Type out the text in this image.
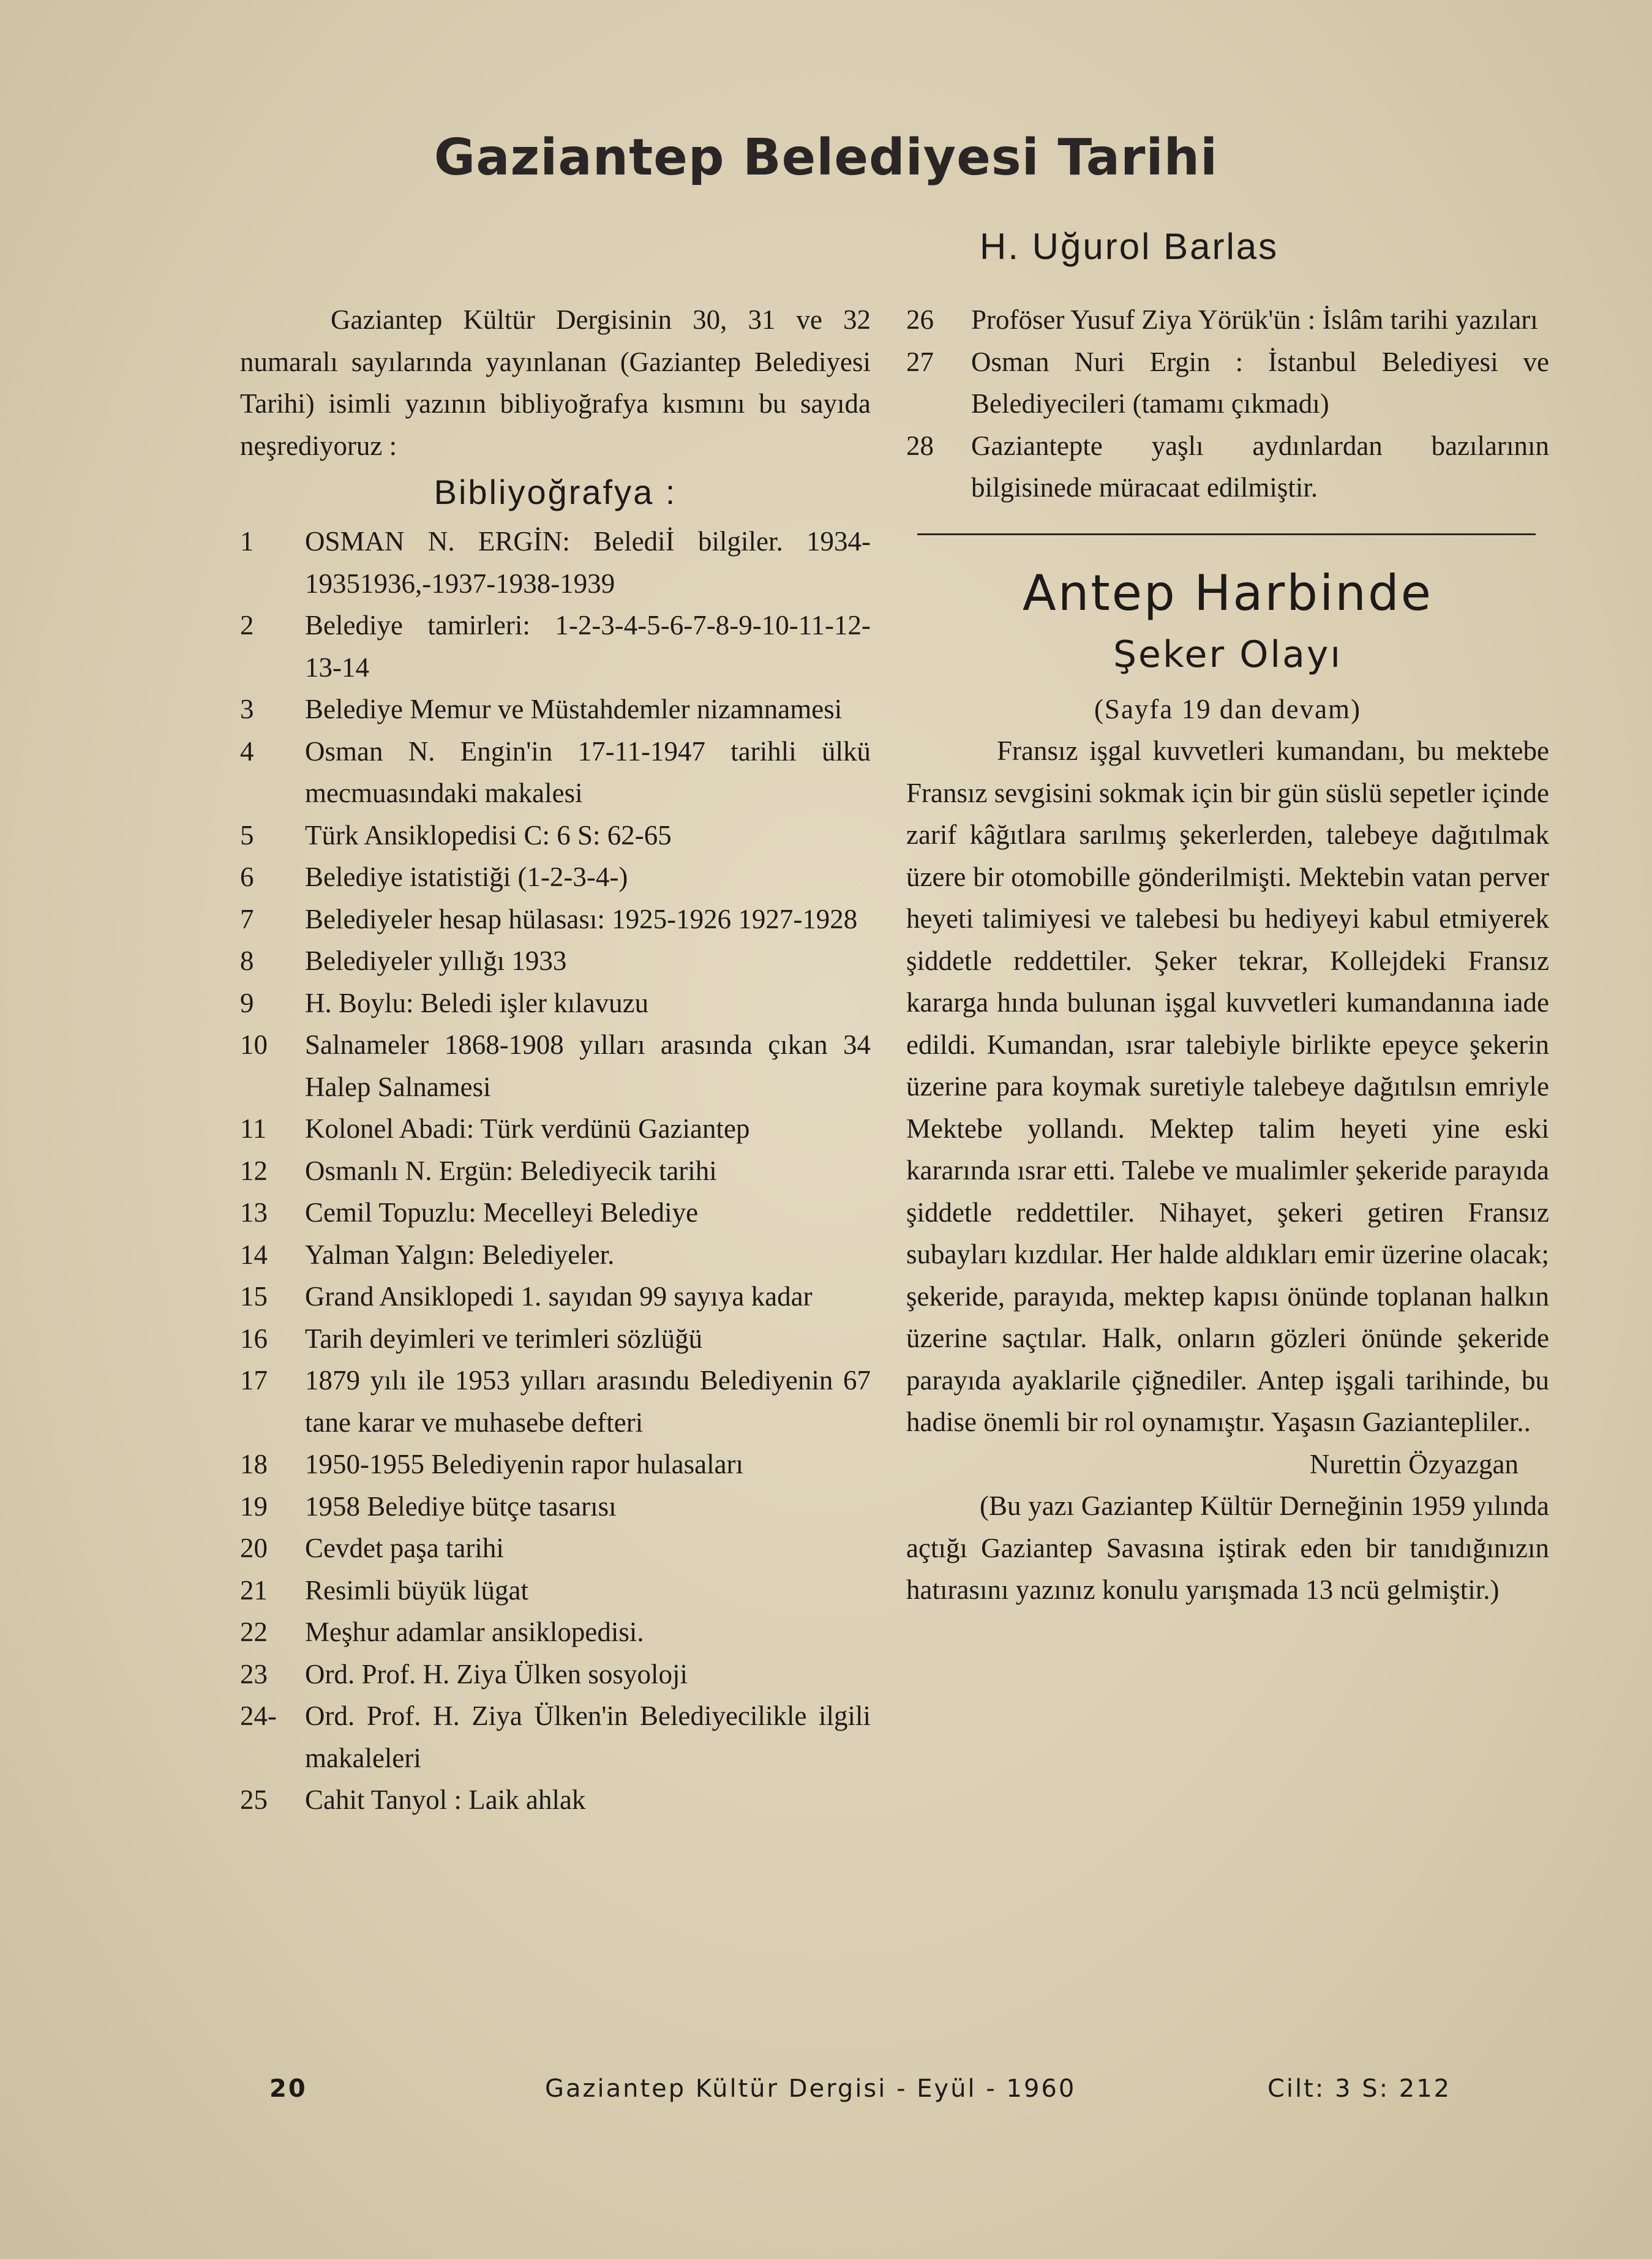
Gaziantep Belediyesi Tarihi
H. Uğurol Barlas

Gaziantep Kültür Dergisinin 30, 31 ve 32 numaralı sayılarında yayınlanan (Gaziantep Belediyesi Tarihi) isimli yazının bibliyoğrafya kısmını bu sayıda neşrediyoruz :

Bibliyoğrafya :
1	OSMAN N. ERGİN: Belediİ bilgiler. 1934-19351936,-1937-1938-1939
2	Belediye tamirleri: 1-2-3-4-5-6-7-8-9-10-11-12-13-14
3	Belediye Memur ve Müstahdemler nizamnamesi
4	Osman N. Engin'in 17-11-1947 tarihli ülkü mecmuasındaki makalesi
5	Türk Ansiklopedisi C: 6 S: 62-65
6	Belediye istatistiği (1-2-3-4-)
7	Belediyeler hesap hülasası: 1925-1926 1927-1928
8	Belediyeler yıllığı 1933
9	H. Boylu: Beledi işler kılavuzu
10	Salnameler 1868-1908 yılları arasında çıkan 34 Halep Salnamesi
11	Kolonel Abadi: Türk verdünü Gaziantep
12	Osmanlı N. Ergün: Belediyecik tarihi
13	Cemil Topuzlu: Mecelleyi Belediye
14	Yalman Yalgın: Belediyeler.
15	Grand Ansiklopedi 1. sayıdan 99 sayıya kadar
16	Tarih deyimleri ve terimleri sözlüğü
17	1879 yılı ile 1953 yılları arasındu Belediyenin 67 tane karar ve muhasebe defteri
18	1950-1955 Belediyenin rapor hulasaları
19	1958 Belediye bütçe tasarısı
20	Cevdet paşa tarihi
21	Resimli büyük lügat
22	Meşhur adamlar ansiklopedisi.
23	Ord. Prof. H. Ziya Ülken sosyoloji
24-	Ord. Prof. H. Ziya Ülken'in Belediyecilikle ilgili makaleleri
25	Cahit Tanyol : Laik ahlak
26	Proföser Yusuf Ziya Yörük'ün : İslâm tarihi yazıları
27	Osman Nuri Ergin : İstanbul Belediyesi ve Belediyecileri (tamamı çıkmadı)
28	Gaziantepte yaşlı aydınlardan bazılarının bilgisinede müracaat edilmiştir.
Antep Harbinde
Şeker Olayı
(Sayfa 19 dan devam)

Fransız işgal kuvvetleri kumandanı, bu mektebe Fransız sevgisini sokmak için bir gün süslü sepetler içinde zarif kâğıtlara sarılmış şekerlerden, talebeye dağıtılmak üzere bir otomobille gönderilmişti. Mektebin vatan perver heyeti talimiyesi ve talebesi bu hediyeyi kabul etmiyerek şiddetle reddettiler. Şeker tekrar, Kollejdeki Fransız kararga hında bulunan işgal kuvvetleri kumandanına iade edildi. Kumandan, ısrar talebiyle birlikte epeyce şekerin üzerine para koymak suretiyle talebeye dağıtılsın emriyle Mektebe yollandı. Mektep talim heyeti yine eski kararında ısrar etti. Talebe ve mualimler şekeride parayıda şiddetle reddettiler. Nihayet, şekeri getiren Fransız subayları kızdılar. Her halde aldıkları emir üzerine olacak; şekeride, parayıda, mektep kapısı önünde toplanan halkın üzerine saçtılar. Halk, onların gözleri önünde şekeride parayıda ayaklarile çiğnediler. Antep işgali tarihinde, bu hadise önemli bir rol oynamıştır. Yaşasın Gaziantepliler..

Nurettin Özyazgan

(Bu yazı Gaziantep Kültür Derneğinin 1959 yılında açtığı Gaziantep Savasına iştirak eden bir tanıdığınızın hatırasını yazınız konulu yarışmada 13 ncü gelmiştir.)

20	Gaziantep Kültür Dergisi - Eyül - 1960	Cilt: 3 S: 212
